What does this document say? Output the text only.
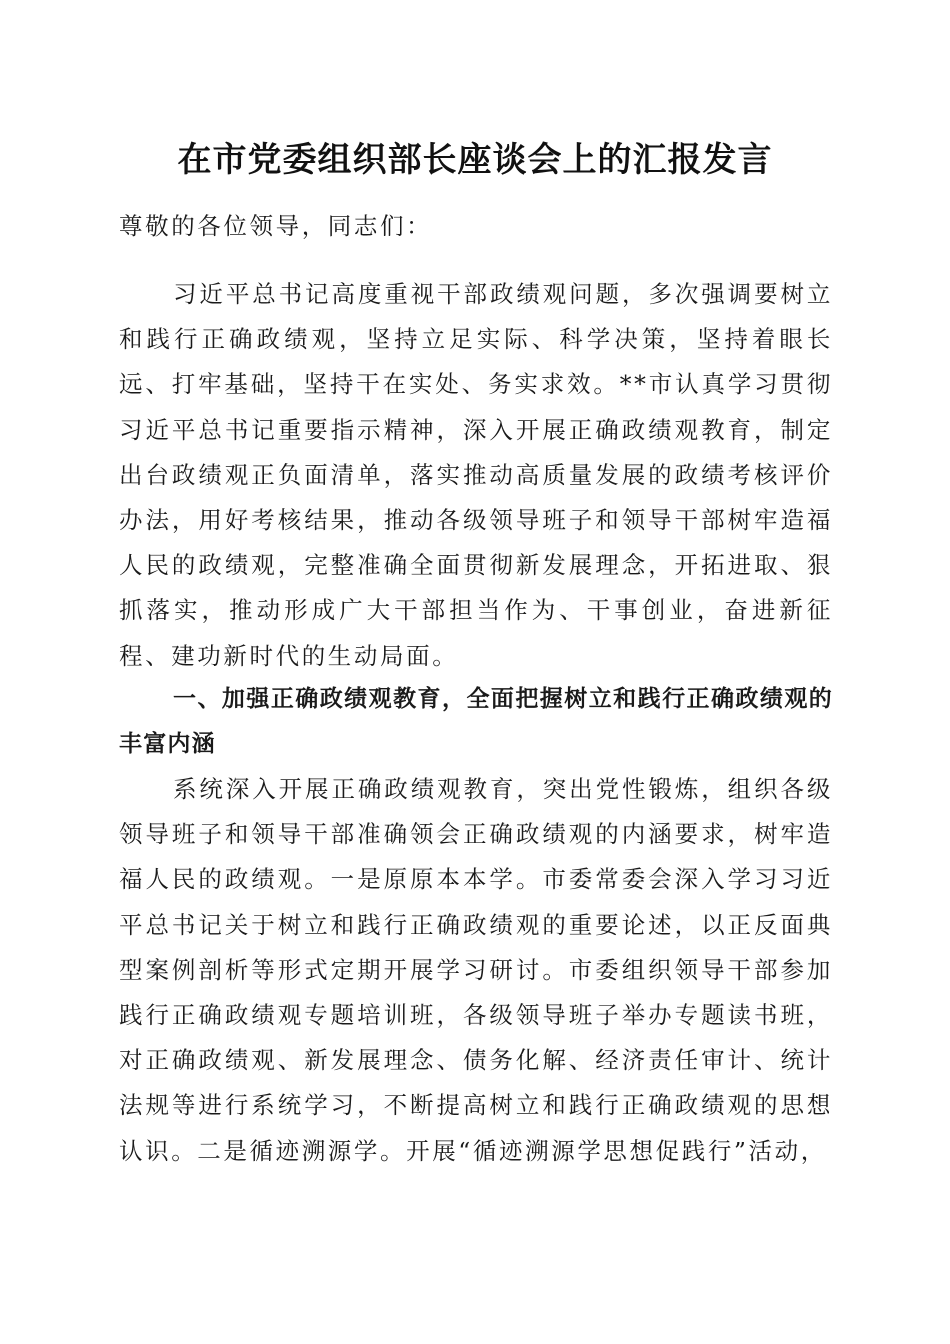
在市党委组织部长座谈会上的汇报发言

尊敬的各位领导，同志们：

习近平总书记高度重视干部政绩观问题，多次强调要树立和践行正确政绩观，坚持立足实际、科学决策，坚持着眼长远、打牢基础，坚持干在实处、务实求效。**市认真学习贯彻习近平总书记重要指示精神，深入开展正确政绩观教育，制定出台政绩观正负面清单，落实推动高质量发展的政绩考核评价办法，用好考核结果，推动各级领导班子和领导干部树牢造福人民的政绩观，完整准确全面贯彻新发展理念，开拓进取、狠抓落实，推动形成广大干部担当作为、干事创业，奋进新征程、建功新时代的生动局面。

一、加强正确政绩观教育，全面把握树立和践行正确政绩观的丰富内涵

系统深入开展正确政绩观教育，突出党性锻炼，组织各级领导班子和领导干部准确领会正确政绩观的内涵要求，树牢造福人民的政绩观。一是原原本本学。市委常委会深入学习习近平总书记关于树立和践行正确政绩观的重要论述，以正反面典型案例剖析等形式定期开展学习研讨。市委组织领导干部参加践行正确政绩观专题培训班，各级领导班子举办专题读书班，对正确政绩观、新发展理念、债务化解、经济责任审计、统计法规等进行系统学习，不断提高树立和践行正确政绩观的思想认识。二是循迹溯源学。开展“循迹溯源学思想促践行”活动，
